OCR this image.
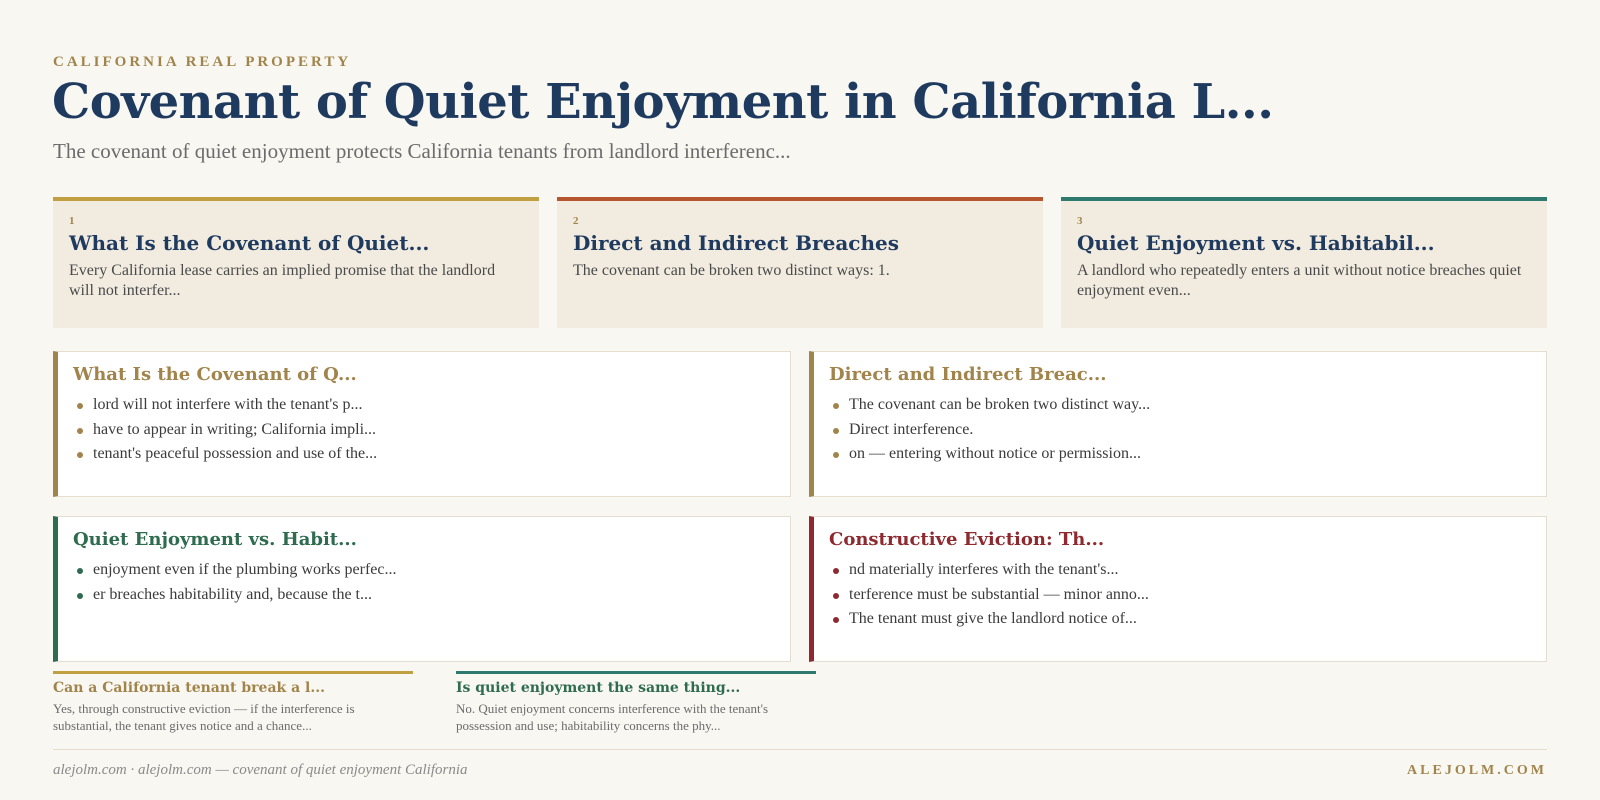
CALIFORNIA REAL PROPERTY
Covenant of Quiet Enjoyment in California L...
The covenant of quiet enjoyment protects California tenants from landlord interferenc...
1
What Is the Covenant of Quiet...
Every California lease carries an implied promise that the landlord will not interfer...
2
Direct and Indirect Breaches
The covenant can be broken two distinct ways: 1.
3
Quiet Enjoyment vs. Habitabil...
A landlord who repeatedly enters a unit without notice breaches quiet enjoyment even...
What Is the Covenant of Q...
lord will not interfere with the tenant's p...
have to appear in writing; California impli...
tenant's peaceful possession and use of the...
Direct and Indirect Breac...
The covenant can be broken two distinct way...
Direct interference.
on — entering without notice or permission...
Quiet Enjoyment vs. Habit...
enjoyment even if the plumbing works perfec...
er breaches habitability and, because the t...
Constructive Eviction: Th...
nd materially interferes with the tenant's...
terference must be substantial — minor anno...
The tenant must give the landlord notice of...
Can a California tenant break a l...
Yes, through constructive eviction — if the interference is substantial, the tenant gives notice and a chance...
Is quiet enjoyment the same thing...
No. Quiet enjoyment concerns interference with the tenant's possession and use; habitability concerns the phy...
alejolm.com · alejolm.com — covenant of quiet enjoyment California	ALEJOLM.COM
